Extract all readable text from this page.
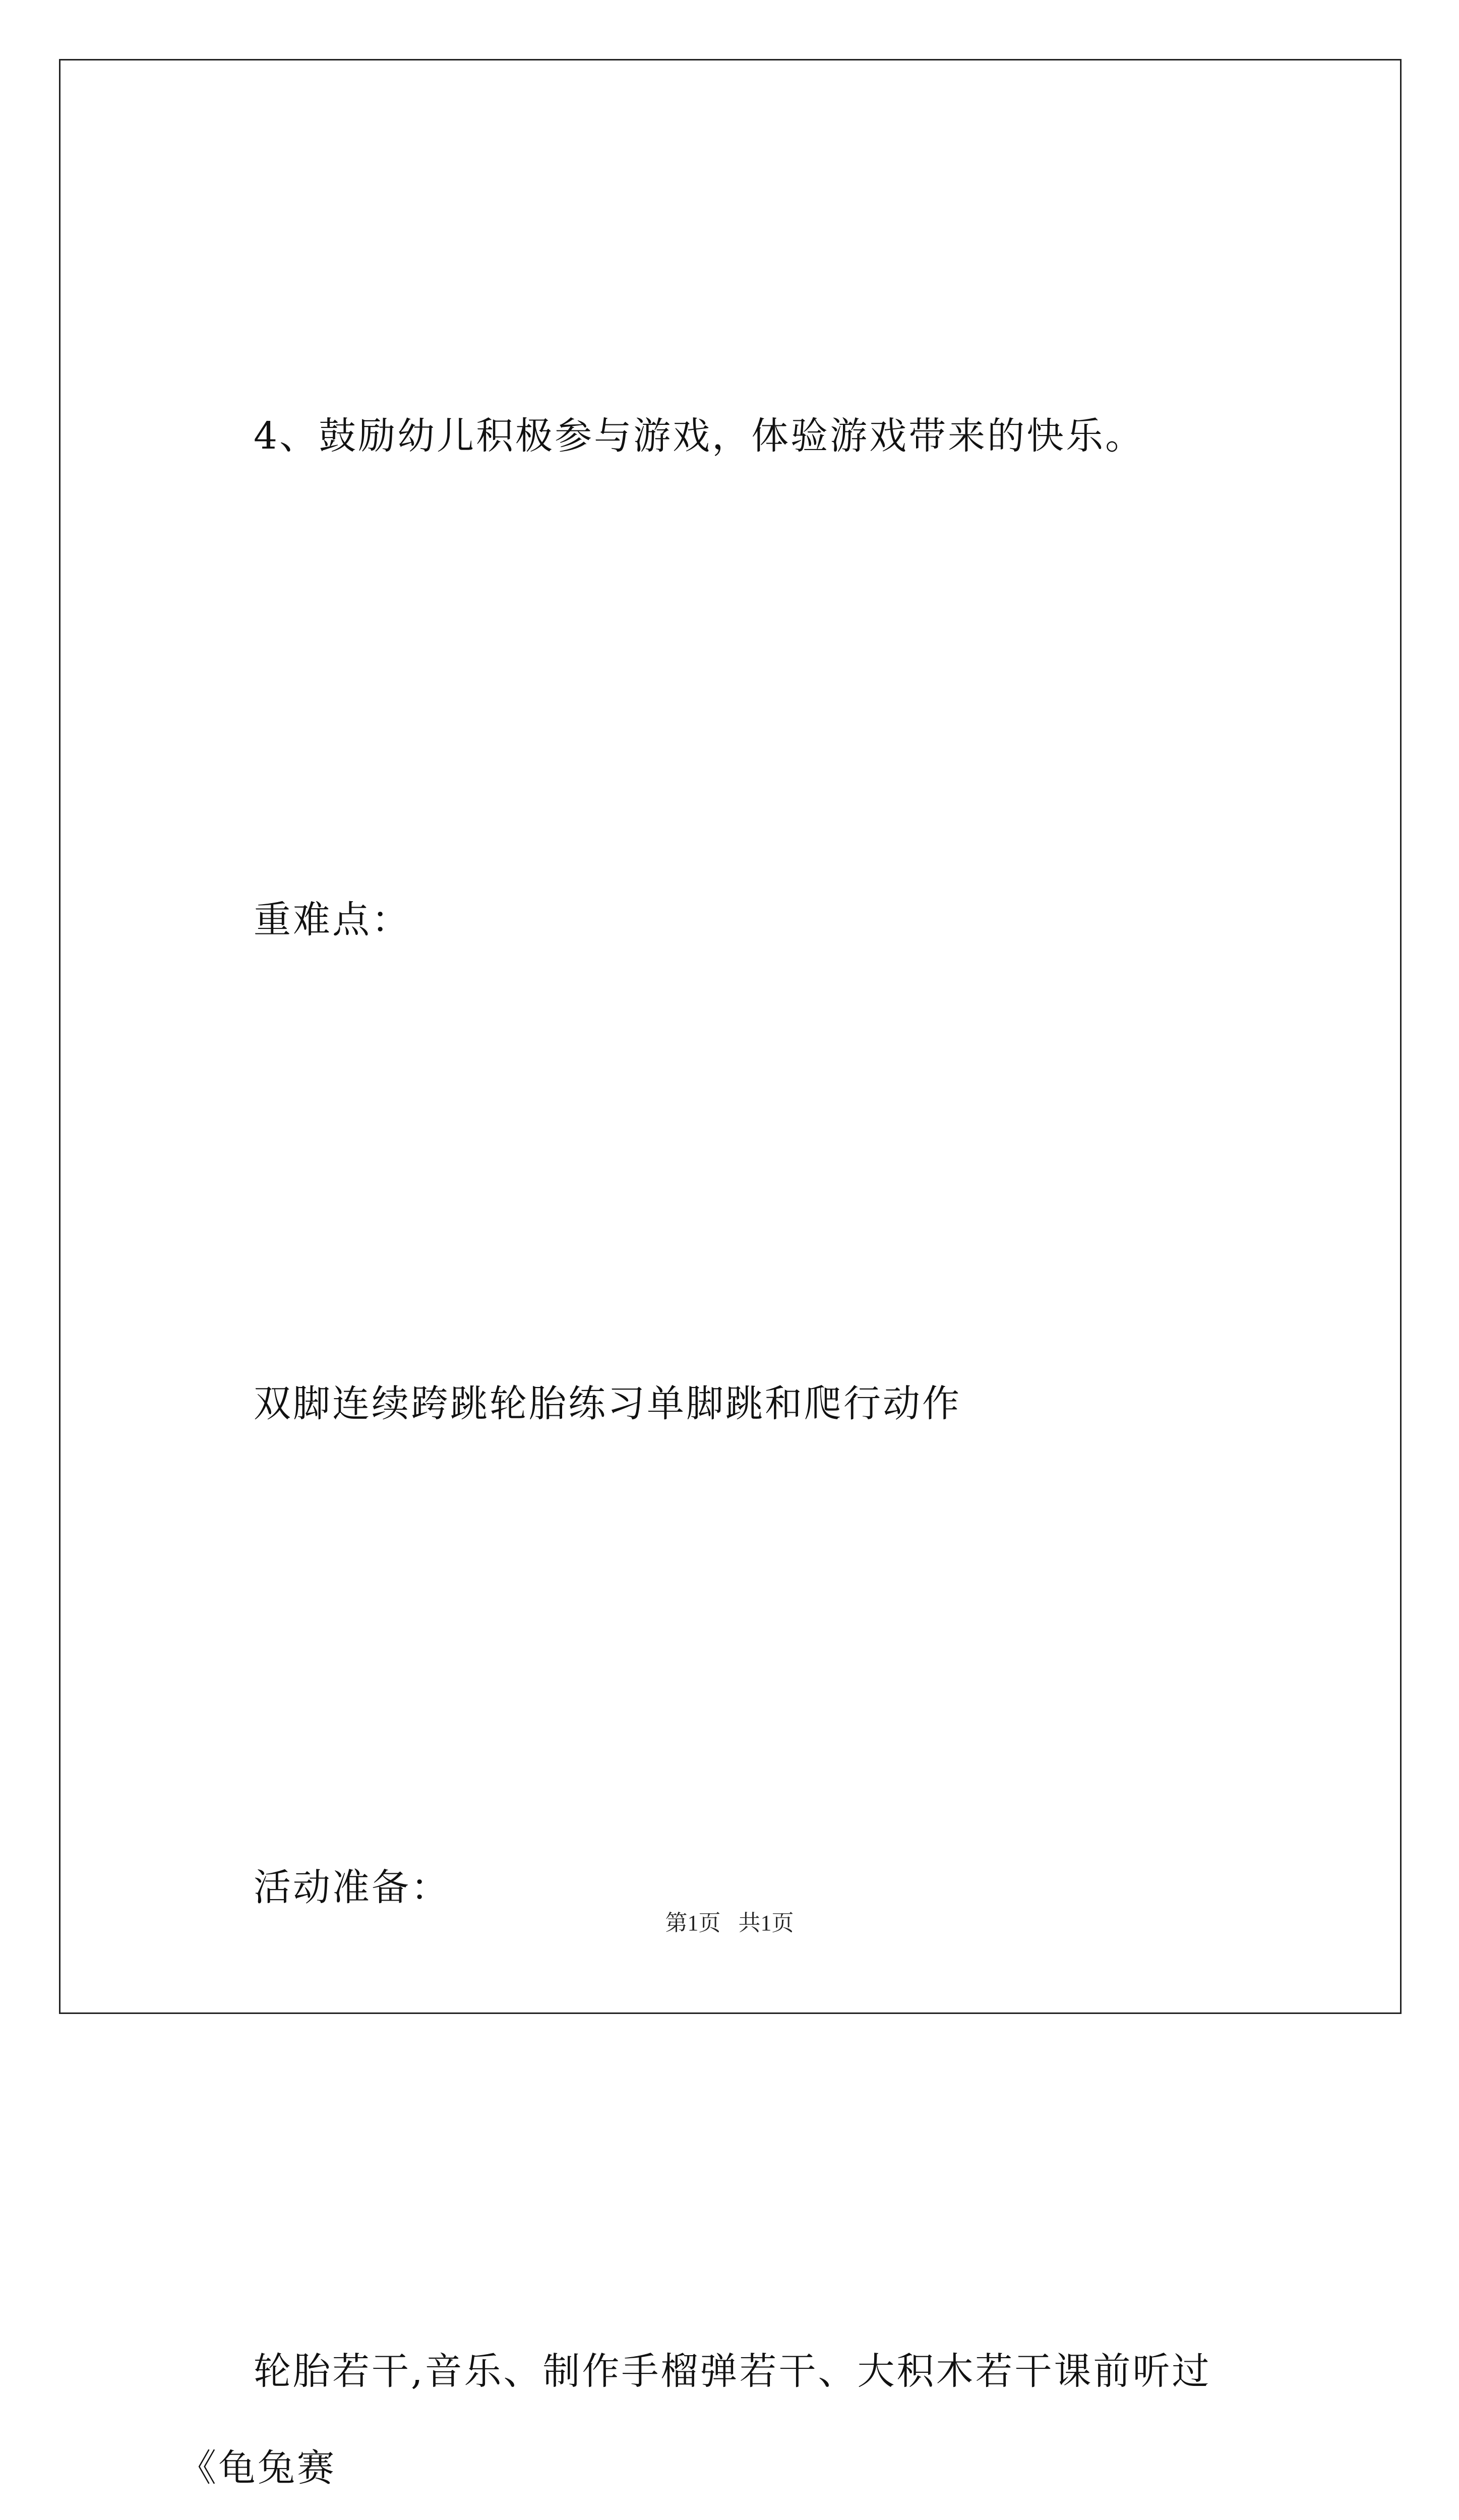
4、鼓励幼儿积极参与游戏，体验游戏带来的快乐。

重难点：

双脚连续跨跳轮胎练习单脚跳和爬行动作

活动准备：

轮胎若干,音乐、制作手榴弹若干、大积木若干课前听过《龟兔赛

第1页 共1页
